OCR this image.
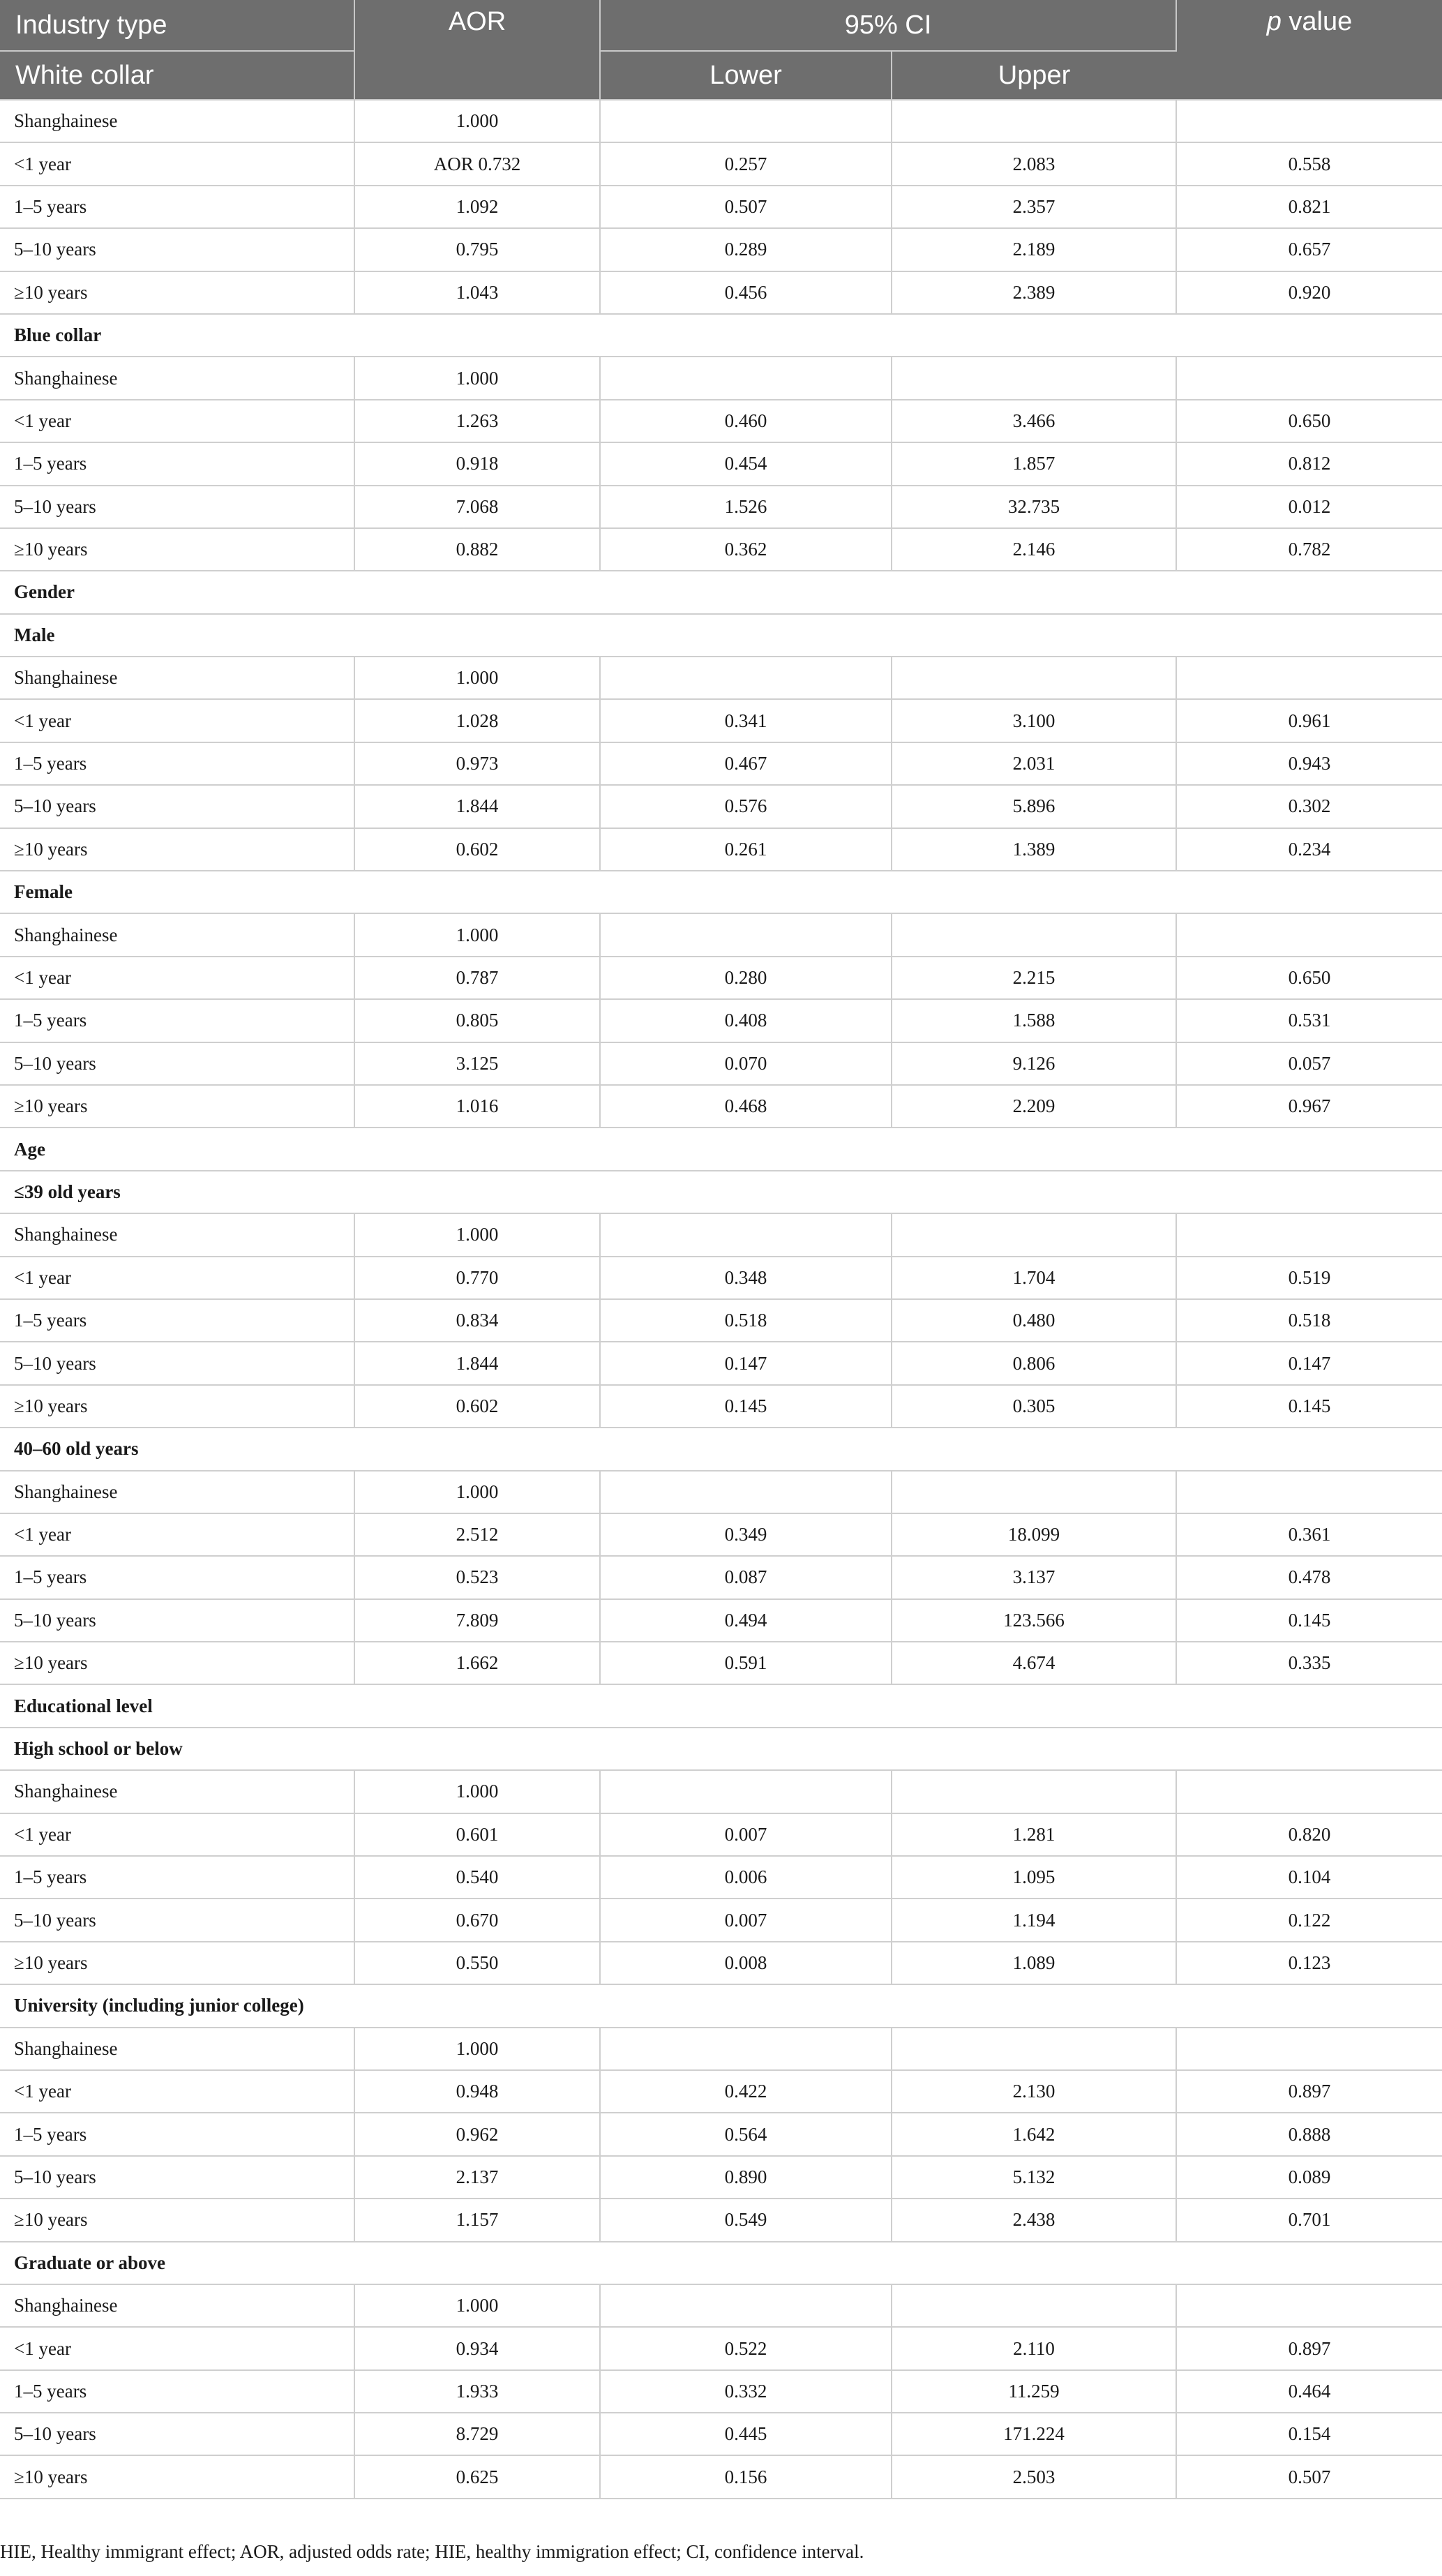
Industry type	AOR	95% CI		p value
White collar		Lower	Upper	
Shanghainese	1.000			
<1 year	AOR 0.732	0.257	2.083	0.558
1–5 years	1.092	0.507	2.357	0.821
5–10 years	0.795	0.289	2.189	0.657
≥10 years	1.043	0.456	2.389	0.920
Blue collar				
Shanghainese	1.000			
<1 year	1.263	0.460	3.466	0.650
1–5 years	0.918	0.454	1.857	0.812
5–10 years	7.068	1.526	32.735	0.012
≥10 years	0.882	0.362	2.146	0.782
Gender				
Male				
Shanghainese	1.000			
<1 year	1.028	0.341	3.100	0.961
1–5 years	0.973	0.467	2.031	0.943
5–10 years	1.844	0.576	5.896	0.302
≥10 years	0.602	0.261	1.389	0.234
Female				
Shanghainese	1.000			
<1 year	0.787	0.280	2.215	0.650
1–5 years	0.805	0.408	1.588	0.531
5–10 years	3.125	0.070	9.126	0.057
≥10 years	1.016	0.468	2.209	0.967
Age				
≤39 old years				
Shanghainese	1.000			
<1 year	0.770	0.348	1.704	0.519
1–5 years	0.834	0.518	0.480	0.518
5–10 years	1.844	0.147	0.806	0.147
≥10 years	0.602	0.145	0.305	0.145
40–60 old years				
Shanghainese	1.000			
<1 year	2.512	0.349	18.099	0.361
1–5 years	0.523	0.087	3.137	0.478
5–10 years	7.809	0.494	123.566	0.145
≥10 years	1.662	0.591	4.674	0.335
Educational level				
High school or below				
Shanghainese	1.000			
<1 year	0.601	0.007	1.281	0.820
1–5 years	0.540	0.006	1.095	0.104
5–10 years	0.670	0.007	1.194	0.122
≥10 years	0.550	0.008	1.089	0.123
University (including junior college)				
Shanghainese	1.000			
<1 year	0.948	0.422	2.130	0.897
1–5 years	0.962	0.564	1.642	0.888
5–10 years	2.137	0.890	5.132	0.089
≥10 years	1.157	0.549	2.438	0.701
Graduate or above				
Shanghainese	1.000			
<1 year	0.934	0.522	2.110	0.897
1–5 years	1.933	0.332	11.259	0.464
5–10 years	8.729	0.445	171.224	0.154
≥10 years	0.625	0.156	2.503	0.507
HIE, Healthy immigrant effect; AOR, adjusted odds rate; HIE, healthy immigration effect; CI, confidence interval.
